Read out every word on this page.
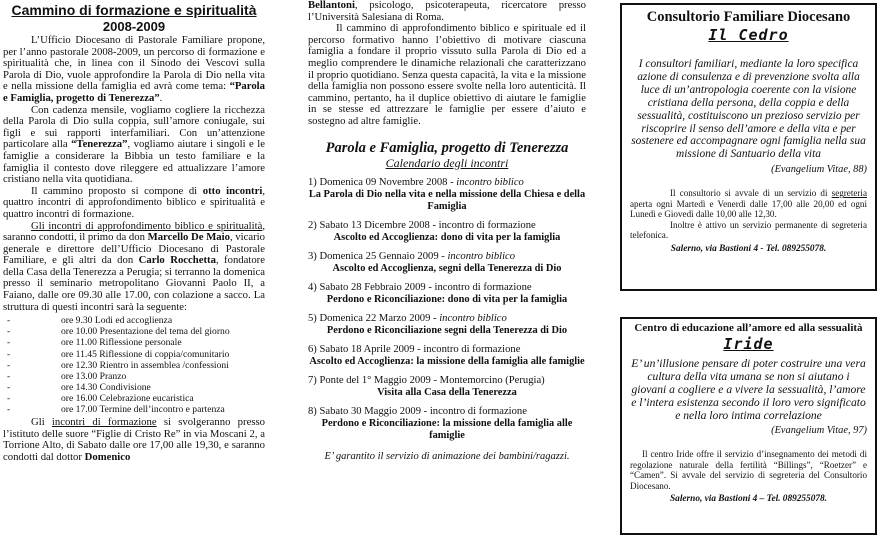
Cammino di formazione e spiritualità
2008-2009

L’Ufficio Diocesano di Pastorale Familiare propone, per l’anno pastorale 2008-2009, un percorso di formazione e spiritualità che, in linea con il Sinodo dei Vescovi sulla Parola di Dio, vuole approfondire la Parola di Dio nella vita e nella missione della famiglia ed avrà come tema: “Parola e Famiglia, progetto di Tenerezza”.

Con cadenza mensile, vogliamo cogliere la ricchezza della Parola di Dio sulla coppia, sull’amore coniugale, sui figli e sui rapporti interfamiliari. Con un’attenzione particolare alla “Tenerezza”, vogliamo aiutare i singoli e le famiglie a considerare la Bibbia un testo familiare e la famiglia il contesto dove rileggere ed attualizzare l’amore cristiano nella vita quotidiana.

Il cammino proposto si compone di otto incontri, quattro incontri di approfondimento biblico e spiritualità e quattro incontri di formazione.

Gli incontri di approfondimento biblico e spiritualità, saranno condotti, il primo da don Marcello De Maio, vicario generale e direttore dell’Ufficio Diocesano di Pastorale Familiare, e gli altri da don Carlo Rocchetta, fondatore della Casa della Tenerezza a Perugia; si terranno la domenica presso il seminario metropolitano Giovanni Paolo II, a Faiano, dalle ore 09.30 alle 17.00, con colazione a sacco. La struttura di questi incontri sarà la seguente:

- ore 9.30 Lodi ed accoglienza
- ore 10.00 Presentazione del tema del giorno
- ore 11.00 Riflessione personale
- ore 11.45 Riflessione di coppia/comunitario
- ore 12.30 Rientro in assemblea /confessioni
- ore 13.00 Pranzo
- ore 14.30 Condivisione
- ore 16.00 Celebrazione eucaristica
- ore 17.00 Termine dell’incontro e partenza

Gli incontri di formazione si svolgeranno presso l’istituto delle suore “Figlie di Cristo Re” in via Moscani 2, a Torrione Alto, di Sabato dalle ore 17,00 alle 19,30, e saranno condotti dal dottor Domenico

Bellantoni, psicologo, psicoterapeuta, ricercatore presso l’Università Salesiana di Roma.

Il cammino di approfondimento biblico e spirituale ed il percorso formativo hanno l’obiettivo di motivare ciascuna famiglia a fondare il proprio vissuto sulla Parola di Dio ed a meglio comprendere le dinamiche relazionali che caratterizzano il proprio quotidiano. Senza questa capacità, la vita e la missione della famiglia non possono essere svolte nella loro autenticità. Il cammino, pertanto, ha il duplice obiettivo di aiutare le famiglie in se stesse ed attrezzare le famiglie per essere d’aiuto e sostegno ad altre famiglie.

Parola e Famiglia, progetto di Tenerezza
Calendario degli incontri
1) Domenica 09 Novembre 2008 - incontro biblico
La Parola di Dio nella vita e nella missione della Chiesa e della Famiglia
2) Sabato 13 Dicembre 2008 - incontro di formazione
Ascolto ed Accoglienza: dono di vita per la famiglia
3) Domenica 25 Gennaio 2009 - incontro biblico
Ascolto ed Accoglienza, segni della Tenerezza di Dio
4) Sabato 28 Febbraio 2009 - incontro di formazione
Perdono e Riconciliazione: dono di vita per la famiglia
5) Domenica 22 Marzo 2009 - incontro biblico
Perdono e Riconciliazione segni della Tenerezza di Dio
6) Sabato 18 Aprile 2009 - incontro di formazione
Ascolto ed Accoglienza: la missione della famiglia alle famiglie
7) Ponte del 1° Maggio 2009 - Montemorcino (Perugia)
Visita alla Casa della Tenerezza
8) Sabato 30 Maggio 2009 - incontro di formazione
Perdono e Riconciliazione: la missione della famiglia alle famiglie
E’ garantito il servizio di animazione dei bambini/ragazzi.
Consultorio Familiare Diocesano
Il Cedro
I consultori familiari, mediante la loro specifica azione di consulenza e di prevenzione svolta alla luce di un’antropologia coerente con la visione cristiana della persona, della coppia e della sessualità, costituiscono un prezioso servizio per riscoprire il senso dell’amore e della vita e per sostenere ed accompagnare ogni famiglia nella sua missione di Santuario della vita
(Evangelium Vitae, 88)
Il consultorio si avvale di un servizio di segreteria aperta ogni Martedì e Venerdì dalle 17,00 alle 20,00 ed ogni Lunedì e Giovedì dalle 10,00 alle 12,30.
Inoltre è attivo un servizio permanente di segreteria telefonica.
Salerno, via Bastioni 4 - Tel. 089255078.
Centro di educazione all’amore ed alla sessualità
Iride
E’ un’illusione pensare di poter costruire una vera cultura della vita umana se non si aiutano i giovani a cogliere e a vivere la sessualità, l’amore e l’intera esistenza secondo il loro vero significato e nella loro intima correlazione
(Evangelium Vitae, 97)
Il centro Iride offre il servizio d’insegnamento dei metodi di regolazione naturale della fertilità “Billings”, “Roetzer” e “Camen”. Si avvale del servizio di segreteria del Consultorio Diocesano.
Salerno, via Bastioni 4 – Tel. 089255078.
